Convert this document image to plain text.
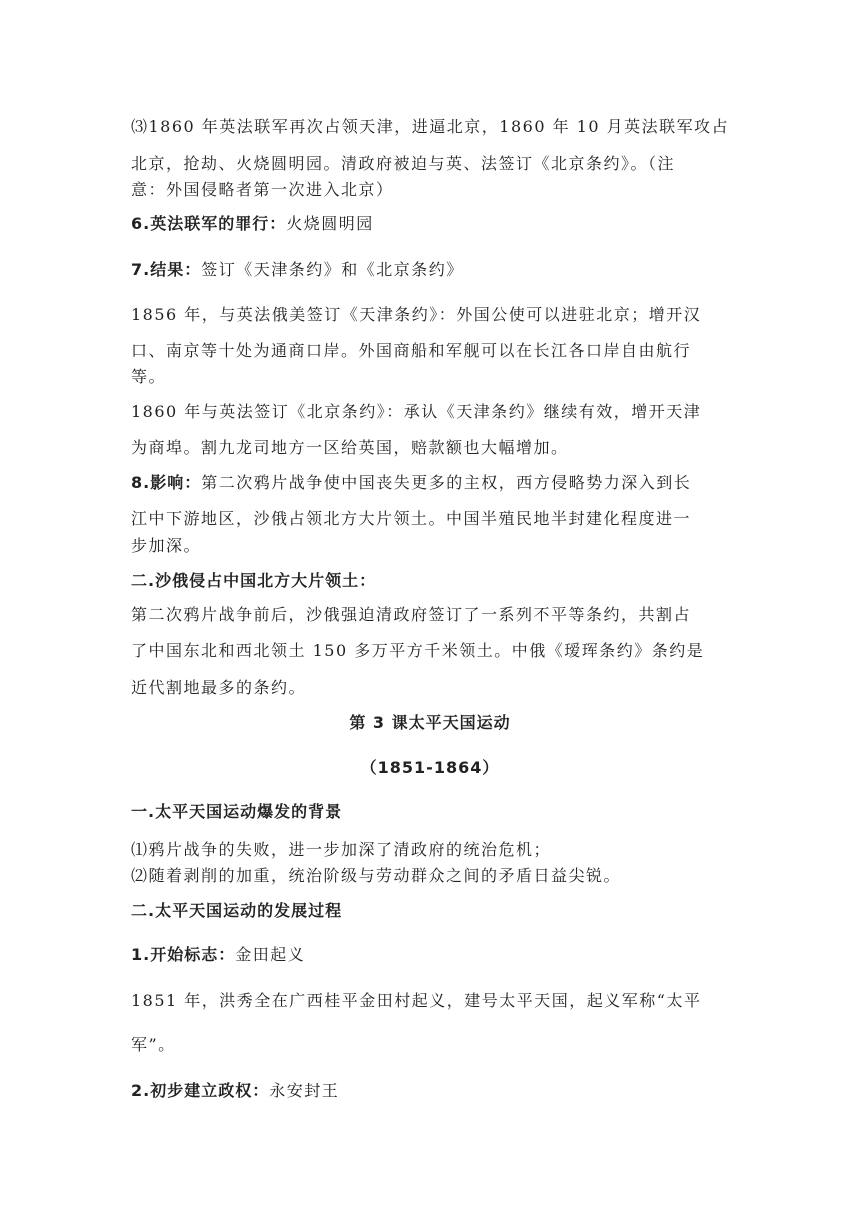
⑶1860 年英法联军再次占领天津，进逼北京，1860 年 10 月英法联军攻占
北京，抢劫、火烧圆明园。清政府被迫与英、法签订《北京条约》。（注
意：外国侵略者第一次进入北京）
6.英法联军的罪行：火烧圆明园
7.结果：签订《天津条约》和《北京条约》
1856 年，与英法俄美签订《天津条约》：外国公使可以进驻北京；增开汉
口、南京等十处为通商口岸。外国商船和军舰可以在长江各口岸自由航行
等。
1860 年与英法签订《北京条约》：承认《天津条约》继续有效，增开天津
为商埠。割九龙司地方一区给英国，赔款额也大幅增加。
8.影响：第二次鸦片战争使中国丧失更多的主权，西方侵略势力深入到长
江中下游地区，沙俄占领北方大片领土。中国半殖民地半封建化程度进一
步加深。
二.沙俄侵占中国北方大片领土：
第二次鸦片战争前后，沙俄强迫清政府签订了一系列不平等条约，共割占
了中国东北和西北领土 150 多万平方千米领土。中俄《瑷珲条约》条约是
近代割地最多的条约。
第 3 课太平天国运动
（1851-1864）
一.太平天国运动爆发的背景
⑴鸦片战争的失败，进一步加深了清政府的统治危机；
⑵随着剥削的加重，统治阶级与劳动群众之间的矛盾日益尖锐。
二.太平天国运动的发展过程
1.开始标志：金田起义
1851 年，洪秀全在广西桂平金田村起义，建号太平天国，起义军称“太平
军”。
2.初步建立政权：永安封王
